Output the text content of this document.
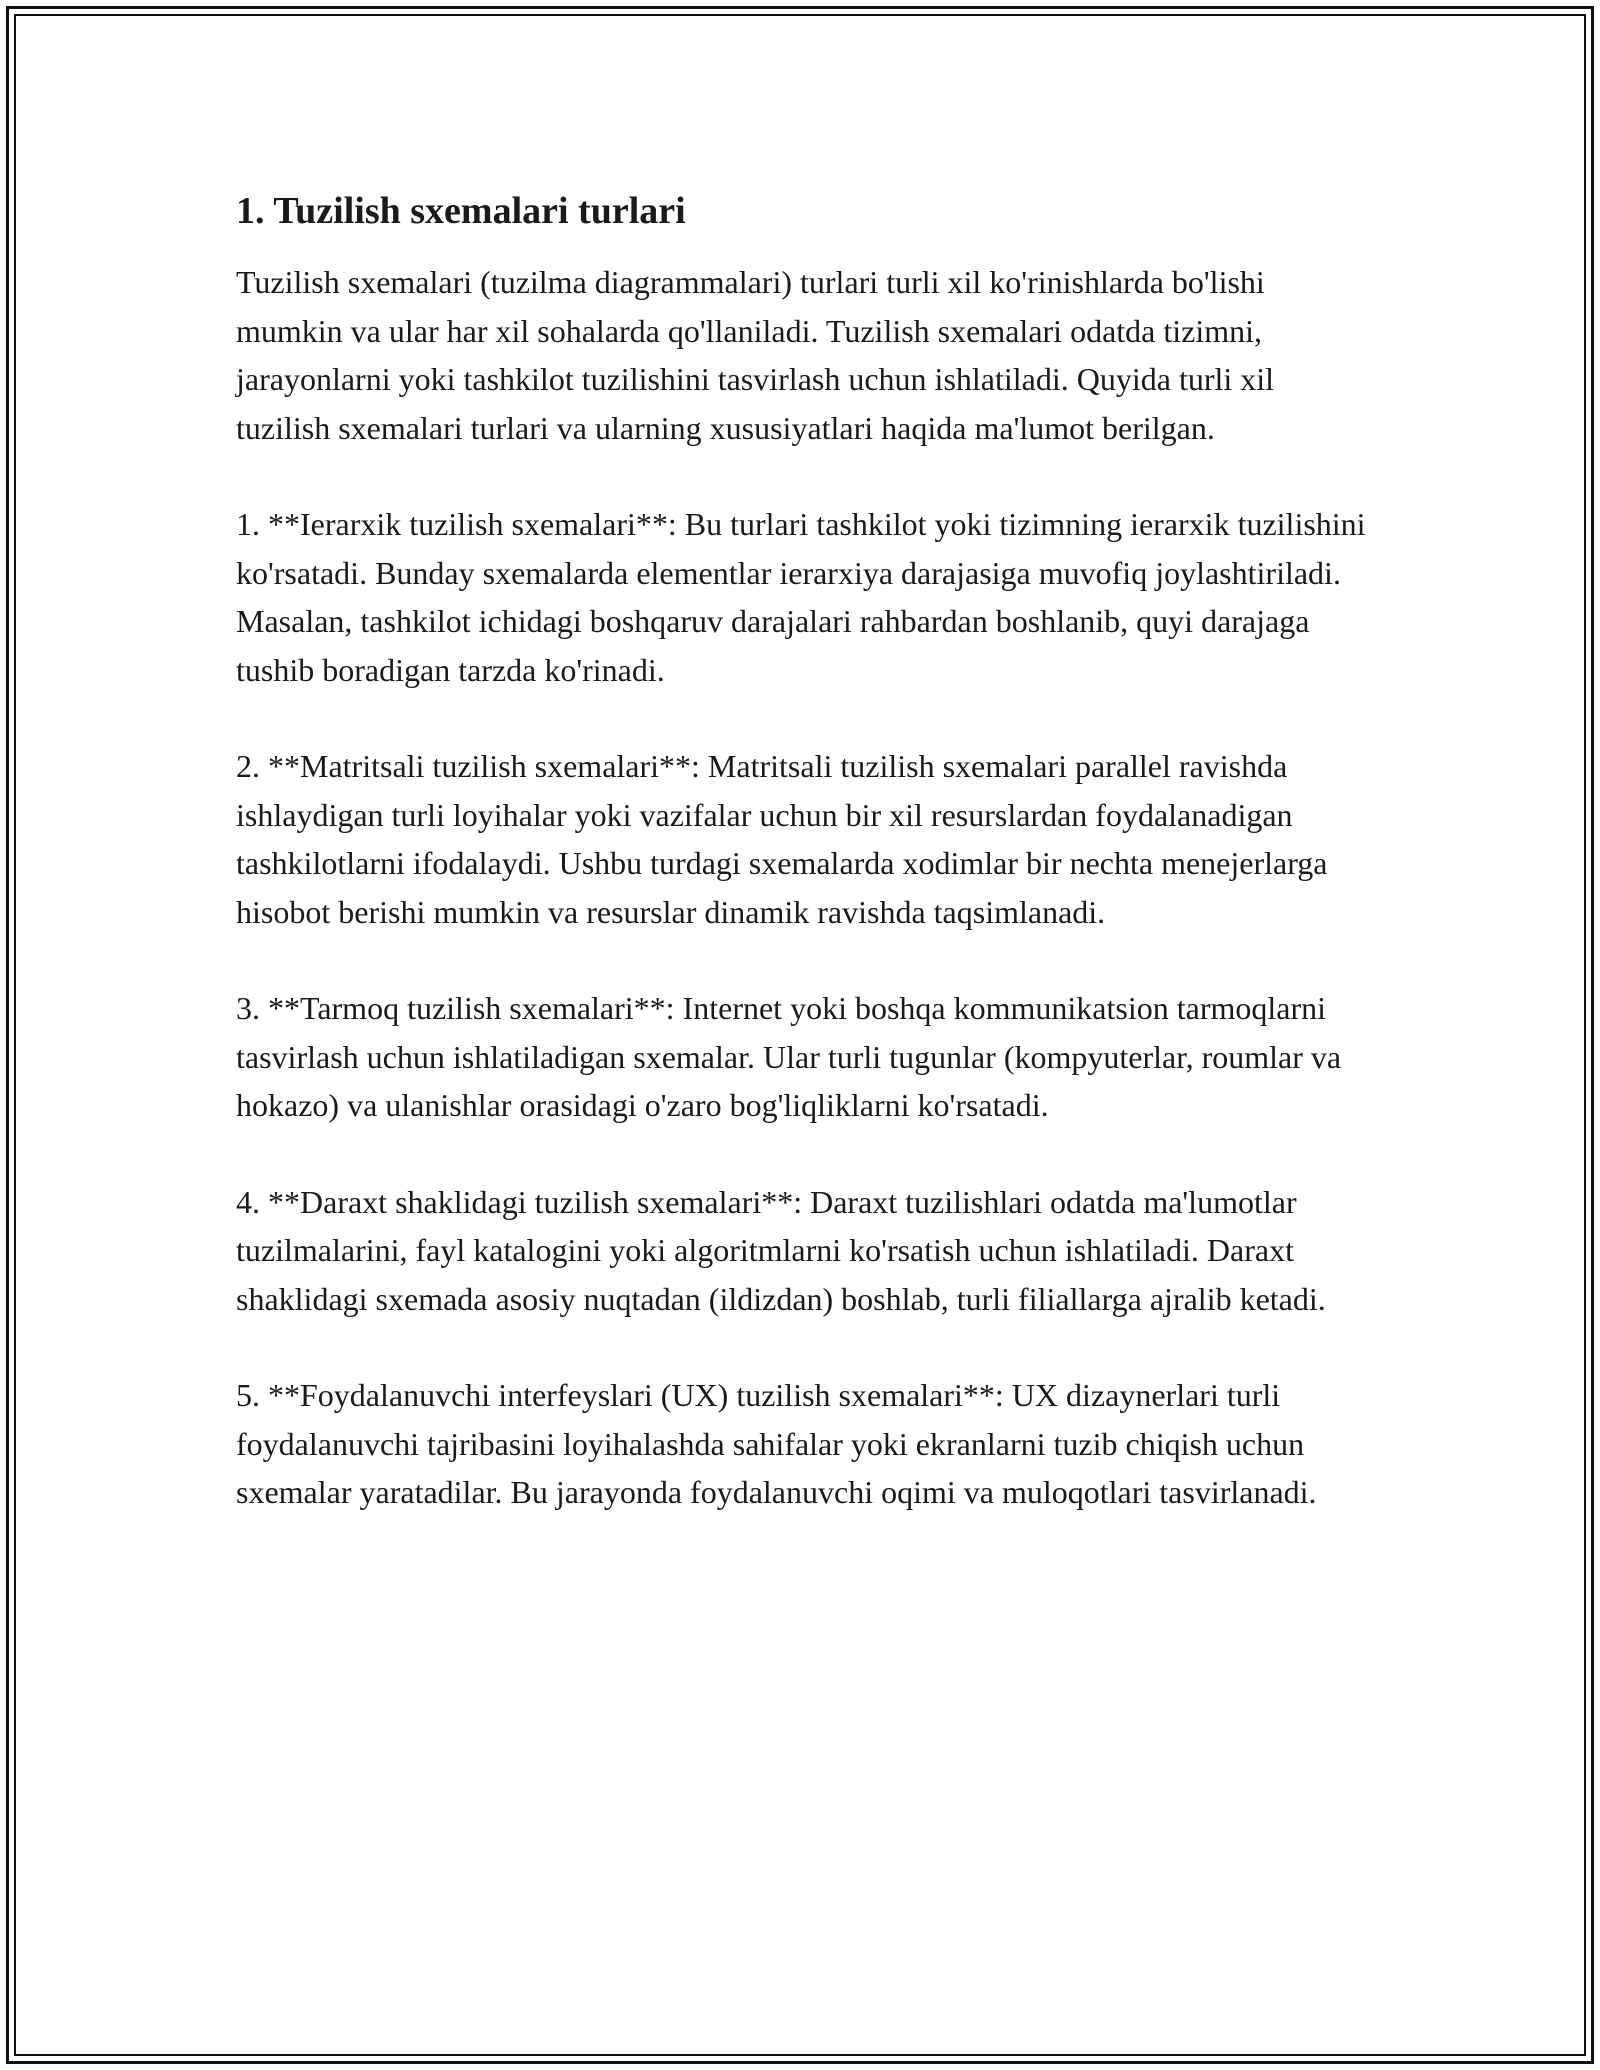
1. Tuzilish sxemalari turlari

Tuzilish sxemalari (tuzilma diagrammalari) turlari turli xil ko'rinishlarda bo'lishi mumkin va ular har xil sohalarda qo'llaniladi. Tuzilish sxemalari odatda tizimni, jarayonlarni yoki tashkilot tuzilishini tasvirlash uchun ishlatiladi. Quyida turli xil tuzilish sxemalari turlari va ularning xususiyatlari haqida ma'lumot berilgan.

1. **Ierarxik tuzilish sxemalari**: Bu turlari tashkilot yoki tizimning ierarxik tuzilishini ko'rsatadi. Bunday sxemalarda elementlar ierarxiya darajasiga muvofiq joylashtiriladi. Masalan, tashkilot ichidagi boshqaruv darajalari rahbardan boshlanib, quyi darajaga tushib boradigan tarzda ko'rinadi.

2. **Matritsali tuzilish sxemalari**: Matritsali tuzilish sxemalari parallel ravishda ishlaydigan turli loyihalar yoki vazifalar uchun bir xil resurslardan foydalanadigan tashkilotlarni ifodalaydi. Ushbu turdagi sxemalarda xodimlar bir nechta menejerlarga hisobot berishi mumkin va resurslar dinamik ravishda taqsimlanadi.

3. **Tarmoq tuzilish sxemalari**: Internet yoki boshqa kommunikatsion tarmoqlarni tasvirlash uchun ishlatiladigan sxemalar. Ular turli tugunlar (kompyuterlar, roumlar va hokazo) va ulanishlar orasidagi o'zaro bog'liqliklarni ko'rsatadi.

4. **Daraxt shaklidagi tuzilish sxemalari**: Daraxt tuzilishlari odatda ma'lumotlar tuzilmalarini, fayl katalogini yoki algoritmlarni ko'rsatish uchun ishlatiladi. Daraxt shaklidagi sxemada asosiy nuqtadan (ildizdan) boshlab, turli filiallarga ajralib ketadi.

5. **Foydalanuvchi interfeyslari (UX) tuzilish sxemalari**: UX dizaynerlari turli foydalanuvchi tajribasini loyihalashda sahifalar yoki ekranlarni tuzib chiqish uchun sxemalar yaratadilar. Bu jarayonda foydalanuvchi oqimi va muloqotlari tasvirlanadi.
